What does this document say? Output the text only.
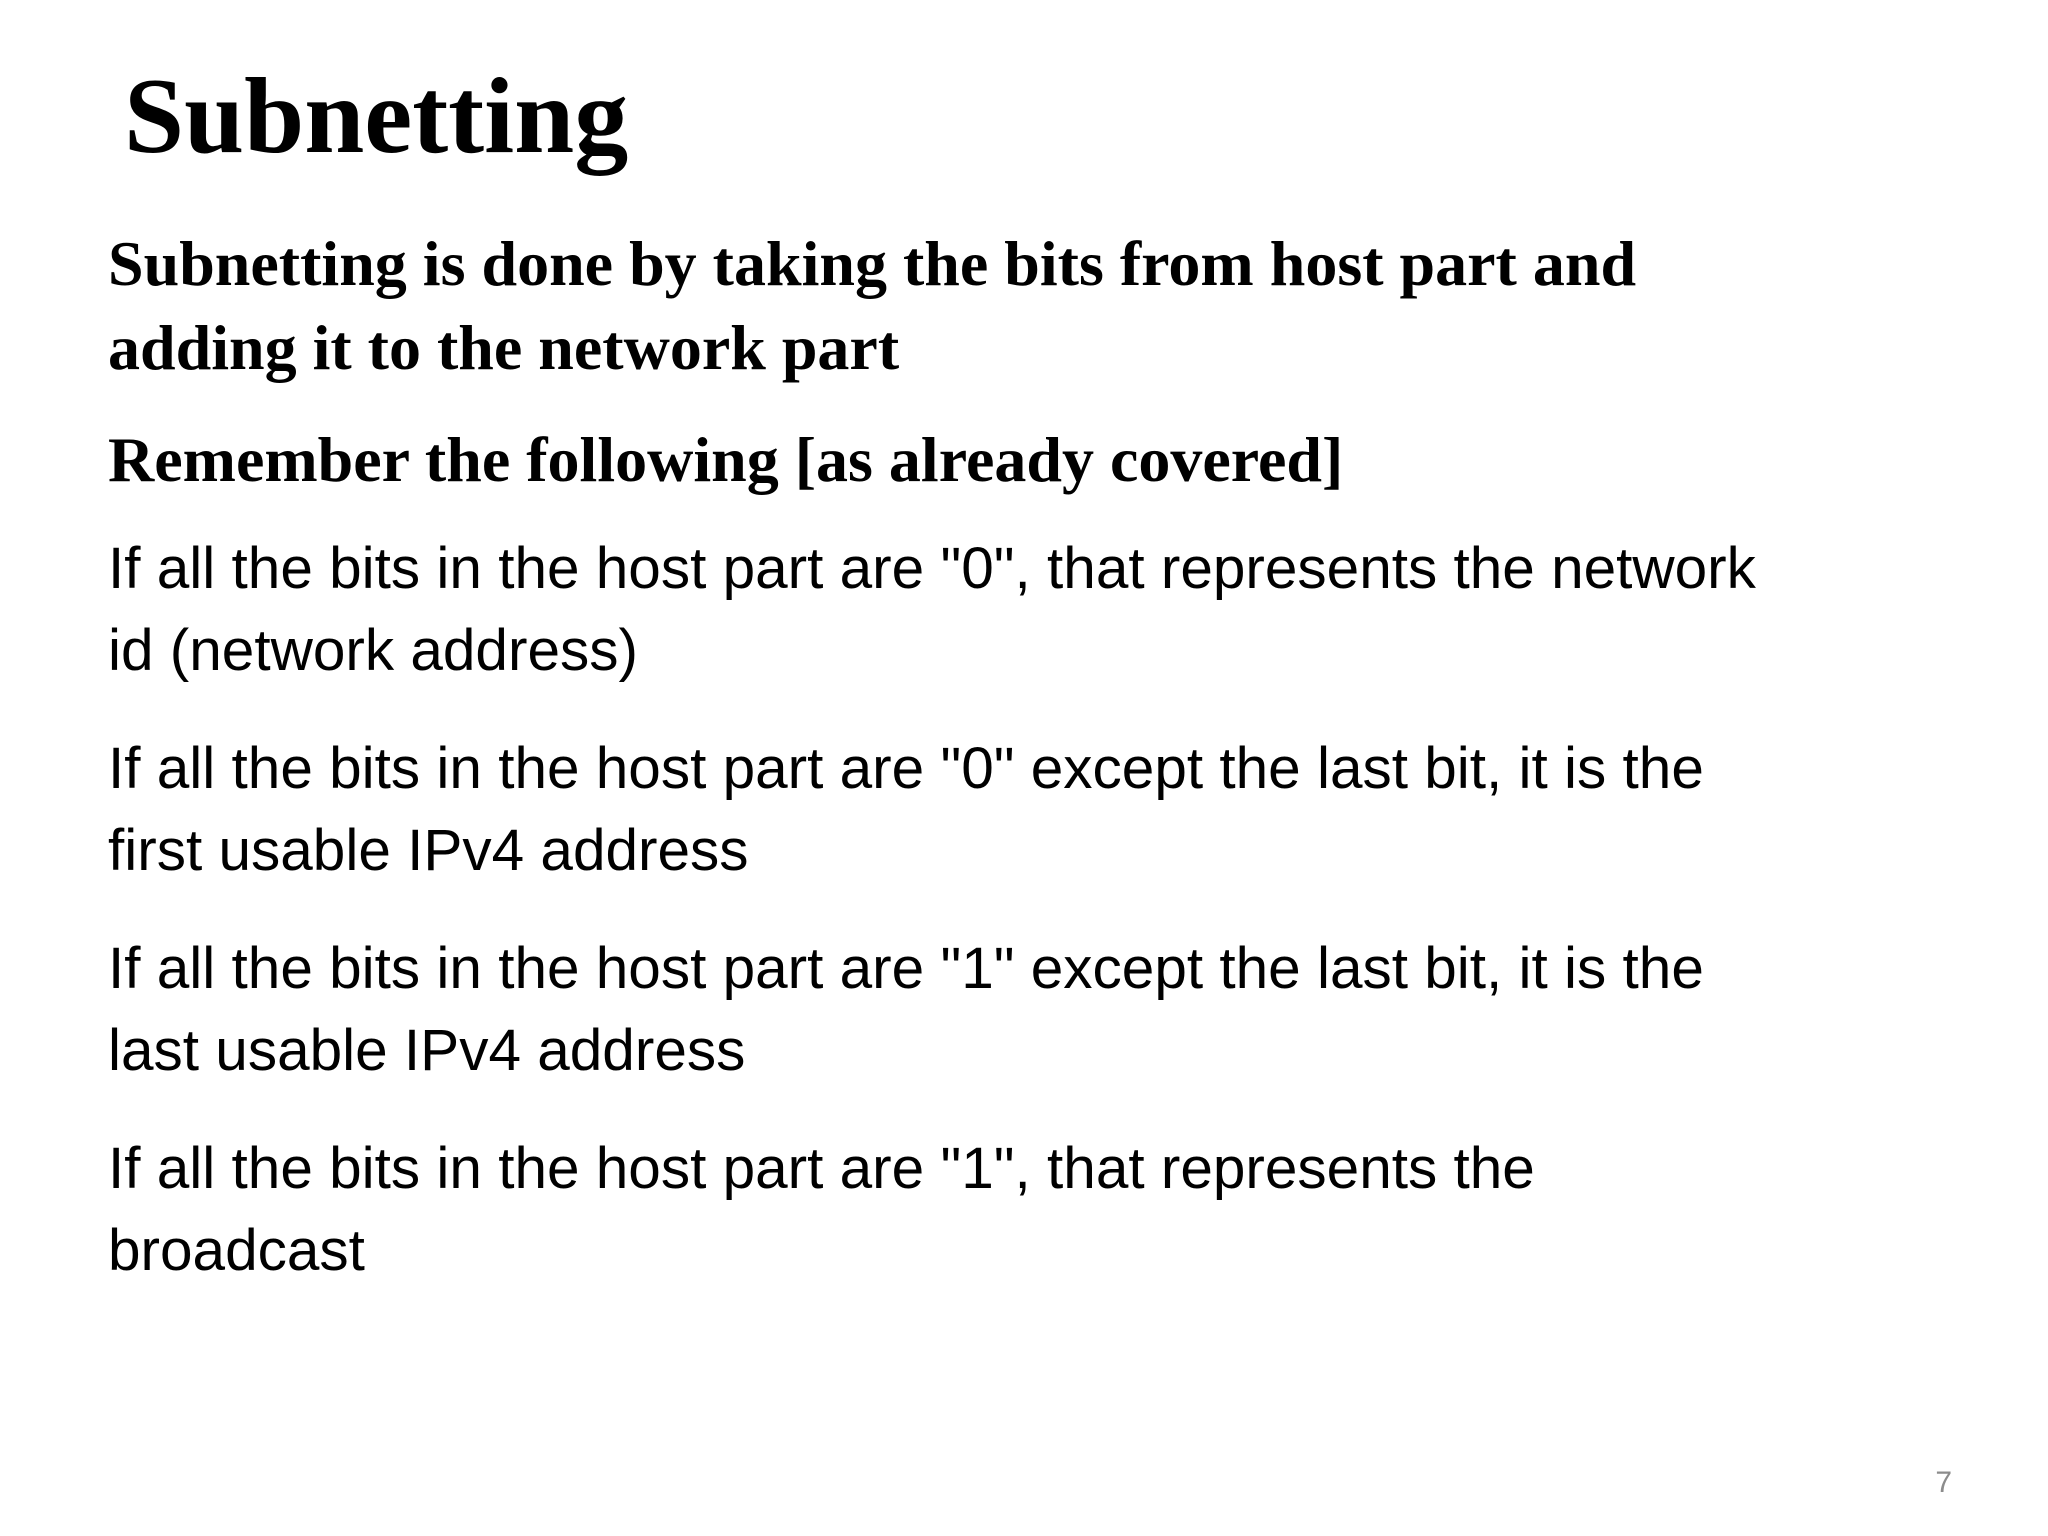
Subnetting

Subnetting is done by taking the bits from host part and adding it to the network part

Remember the following [as already covered]

If all the bits in the host part are "0", that represents the network id (network address)

If all the bits in the host part are "0" except the last bit, it is the first usable IPv4 address

If all the bits in the host part are "1" except the last bit, it is the last usable IPv4 address

If all the bits in the host part are "1", that represents the broadcast

7
